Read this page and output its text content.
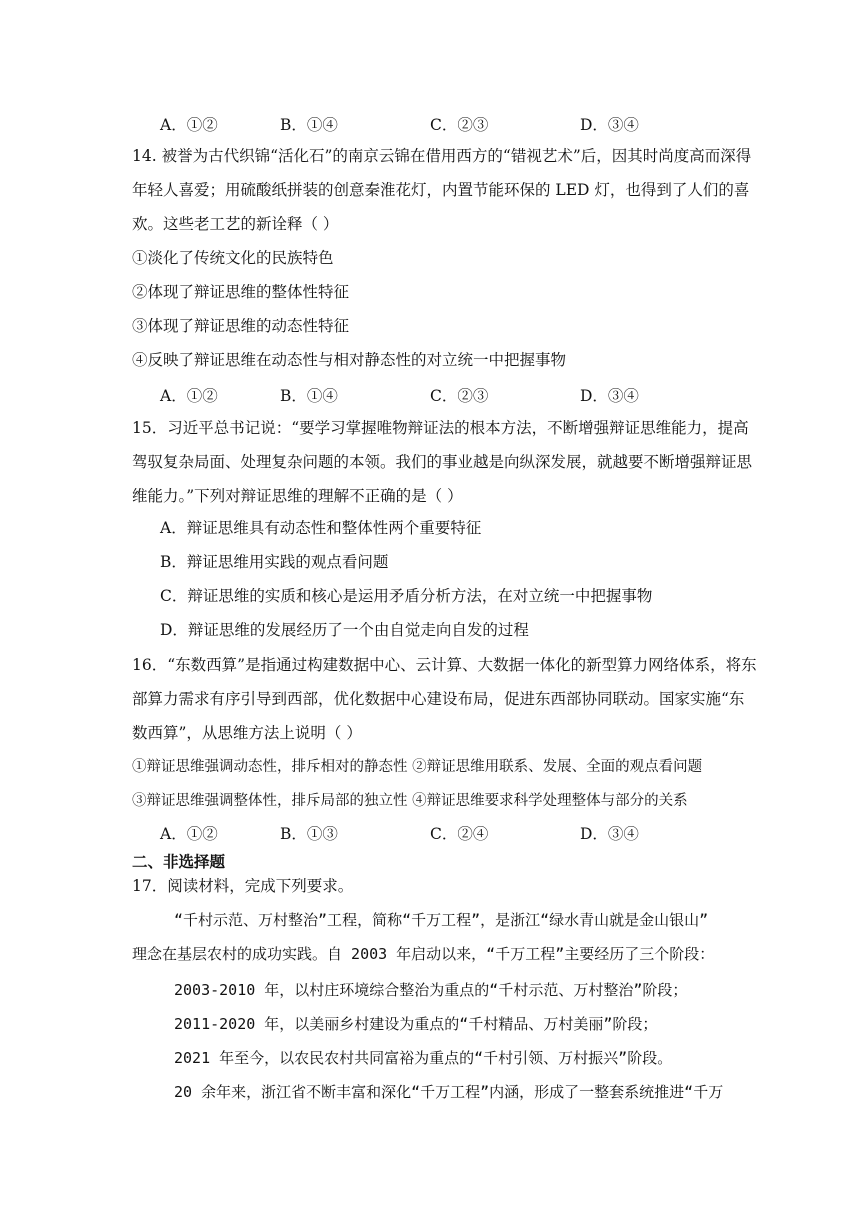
A．①②	B．①④	C．②③	D．③④
14. 被誉为古代织锦“活化石”的南京云锦在借用西方的“错视艺术”后，因其时尚度高而深得
年轻人喜爱；用硫酸纸拼装的创意秦淮花灯，内置节能环保的 LED 灯，也得到了人们的喜
欢。这些老工艺的新诠释（ ）
①淡化了传统文化的民族特色
②体现了辩证思维的整体性特征
③体现了辩证思维的动态性特征
④反映了辩证思维在动态性与相对静态性的对立统一中把握事物
A．①②	B．①④	C．②③	D．③④
15．习近平总书记说：“要学习掌握唯物辩证法的根本方法，不断增强辩证思维能力，提高
驾驭复杂局面、处理复杂问题的本领。我们的事业越是向纵深发展，就越要不断增强辩证思
维能力。”下列对辩证思维的理解不正确的是（ ）
A．辩证思维具有动态性和整体性两个重要特征
B．辩证思维用实践的观点看问题
C．辩证思维的实质和核心是运用矛盾分析方法，在对立统一中把握事物
D．辩证思维的发展经历了一个由自觉走向自发的过程
16．“东数西算”是指通过构建数据中心、云计算、大数据一体化的新型算力网络体系，将东
部算力需求有序引导到西部，优化数据中心建设布局，促进东西部协同联动。国家实施“东
数西算”，从思维方法上说明（ ）
①辩证思维强调动态性，排斥相对的静态性 ②辩证思维用联系、发展、全面的观点看问题
③辩证思维强调整体性，排斥局部的独立性 ④辩证思维要求科学处理整体与部分的关系
A．①②	B．①③	C．②④	D．③④
二、非选择题
17．阅读材料，完成下列要求。
“千村示范、万村整治”工程，简称“千万工程”，是浙江“绿水青山就是金山银山”
理念在基层农村的成功实践。自 2003 年启动以来，“千万工程”主要经历了三个阶段：
2003-2010 年，以村庄环境综合整治为重点的“千村示范、万村整治”阶段；
2011-2020 年，以美丽乡村建设为重点的“千村精品、万村美丽”阶段；
2021 年至今，以农民农村共同富裕为重点的“千村引领、万村振兴”阶段。
20 余年来，浙江省不断丰富和深化“千万工程”内涵，形成了一整套系统推进“千万
